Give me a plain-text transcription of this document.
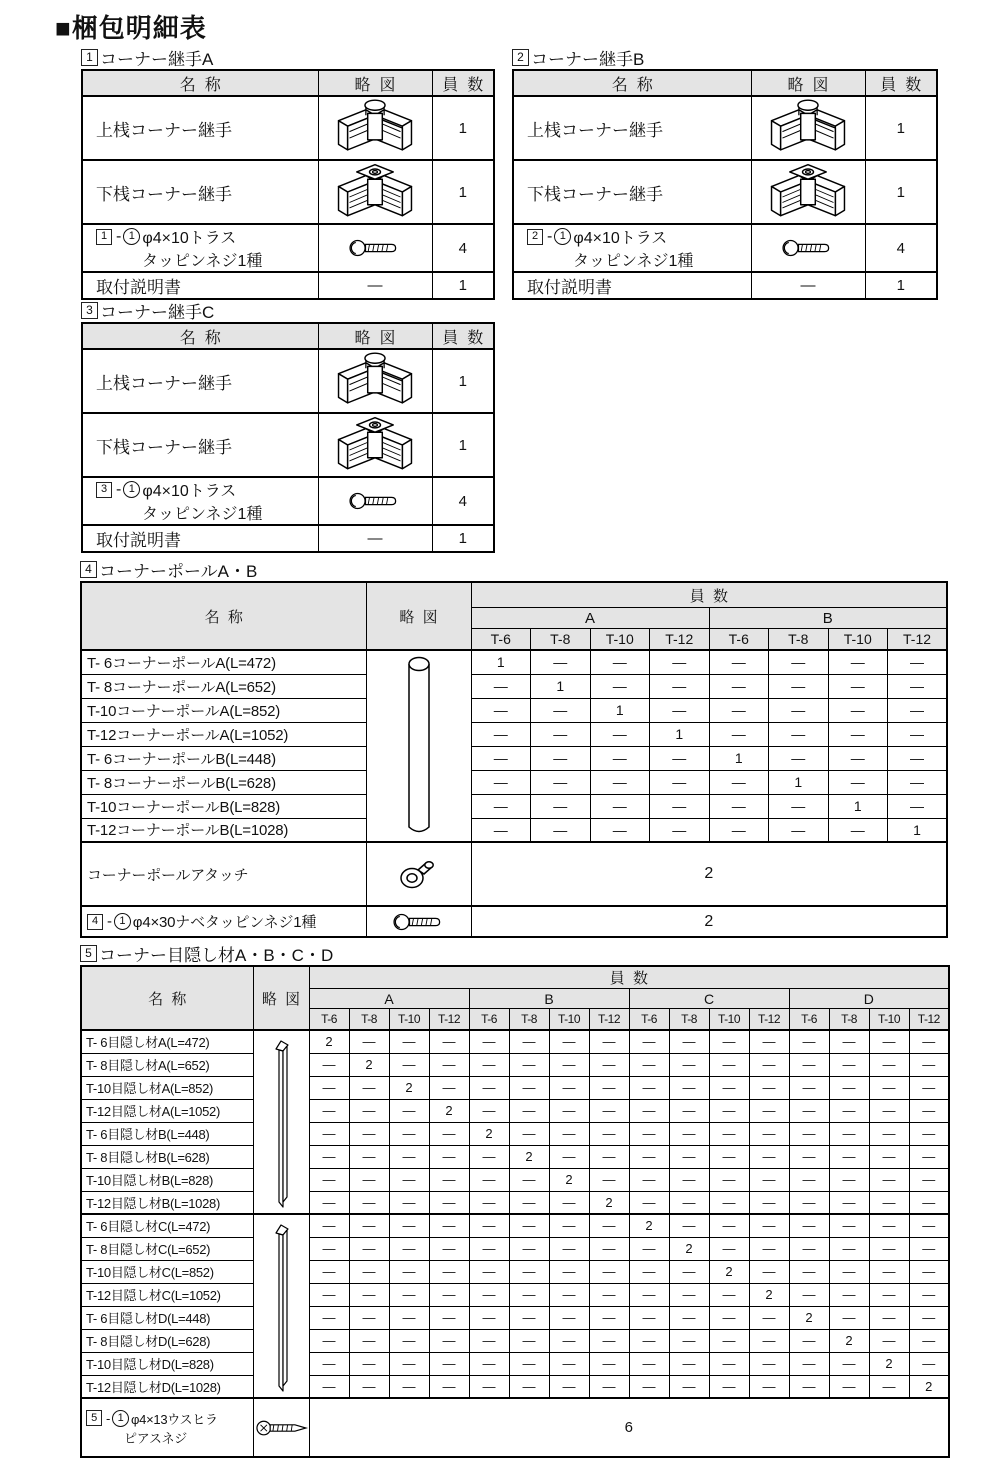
■梱包明細表
1 コーナー継手A
名  称	略  図	員  数
上桟コーナー継手		1
下桟コーナー継手		1

1 - 1 φ4×10トラス
タッピンネジ1種		4
取付説明書	—	1
2 コーナー継手B
名  称	略  図	員  数
上桟コーナー継手		1
下桟コーナー継手		1

2 - 1 φ4×10トラス
タッピンネジ1種		4
取付説明書	—	1
3 コーナー継手C
名  称	略  図	員  数
上桟コーナー継手		1
下桟コーナー継手		1

3 - 1 φ4×10トラス
タッピンネジ1種		4
取付説明書	—	1
4 コーナーポールA・B
名  称	略  図	員  数							
		A				B			
		T-6	T-8	T-10	T-12	T-6	T-8	T-10	T-12
T- 6コーナーポールA(L=472)		1	—	—	—	—	—	—	—
T- 8コーナーポールA(L=652)		—	1	—	—	—	—	—	—
T-10コーナーポールA(L=852)		—	—	1	—	—	—	—	—
T-12コーナーポールA(L=1052)		—	—	—	1	—	—	—	—
T- 6コーナーポールB(L=448)		—	—	—	—	1	—	—	—
T- 8コーナーポールB(L=628)		—	—	—	—	—	1	—	—
T-10コーナーポールB(L=828)		—	—	—	—	—	—	1	—
T-12コーナーポールB(L=1028)		—	—	—	—	—	—	—	1
コーナーポールアタッチ		2							

4 - 1 φ4×30ナベタッピンネジ1種		2							
5 コーナー目隠し材A・B・C・D
名  称	略  図	員  数															
		A				B				C				D			
		T-6	T-8	T-10	T-12	T-6	T-8	T-10	T-12	T-6	T-8	T-10	T-12	T-6	T-8	T-10	T-12
T- 6目隠し材A(L=472)		2	—	—	—	—	—	—	—	—	—	—	—	—	—	—	—
T- 8目隠し材A(L=652)		—	2	—	—	—	—	—	—	—	—	—	—	—	—	—	—
T-10目隠し材A(L=852)		—	—	2	—	—	—	—	—	—	—	—	—	—	—	—	—
T-12目隠し材A(L=1052)		—	—	—	2	—	—	—	—	—	—	—	—	—	—	—	—
T- 6目隠し材B(L=448)		—	—	—	—	2	—	—	—	—	—	—	—	—	—	—	—
T- 8目隠し材B(L=628)		—	—	—	—	—	2	—	—	—	—	—	—	—	—	—	—
T-10目隠し材B(L=828)		—	—	—	—	—	—	2	—	—	—	—	—	—	—	—	—
T-12目隠し材B(L=1028)		—	—	—	—	—	—	—	2	—	—	—	—	—	—	—	—
T- 6目隠し材C(L=472)		—	—	—	—	—	—	—	—	2	—	—	—	—	—	—	—
T- 8目隠し材C(L=652)		—	—	—	—	—	—	—	—	—	2	—	—	—	—	—	—
T-10目隠し材C(L=852)		—	—	—	—	—	—	—	—	—	—	2	—	—	—	—	—
T-12目隠し材C(L=1052)		—	—	—	—	—	—	—	—	—	—	—	2	—	—	—	—
T- 6目隠し材D(L=448)		—	—	—	—	—	—	—	—	—	—	—	—	2	—	—	—
T- 8目隠し材D(L=628)		—	—	—	—	—	—	—	—	—	—	—	—	—	2	—	—
T-10目隠し材D(L=828)		—	—	—	—	—	—	—	—	—	—	—	—	—	—	2	—
T-12目隠し材D(L=1028)		—	—	—	—	—	—	—	—	—	—	—	—	—	—	—	2

5 - 1 φ4×13ウスヒラ
ピアスネジ		6															
